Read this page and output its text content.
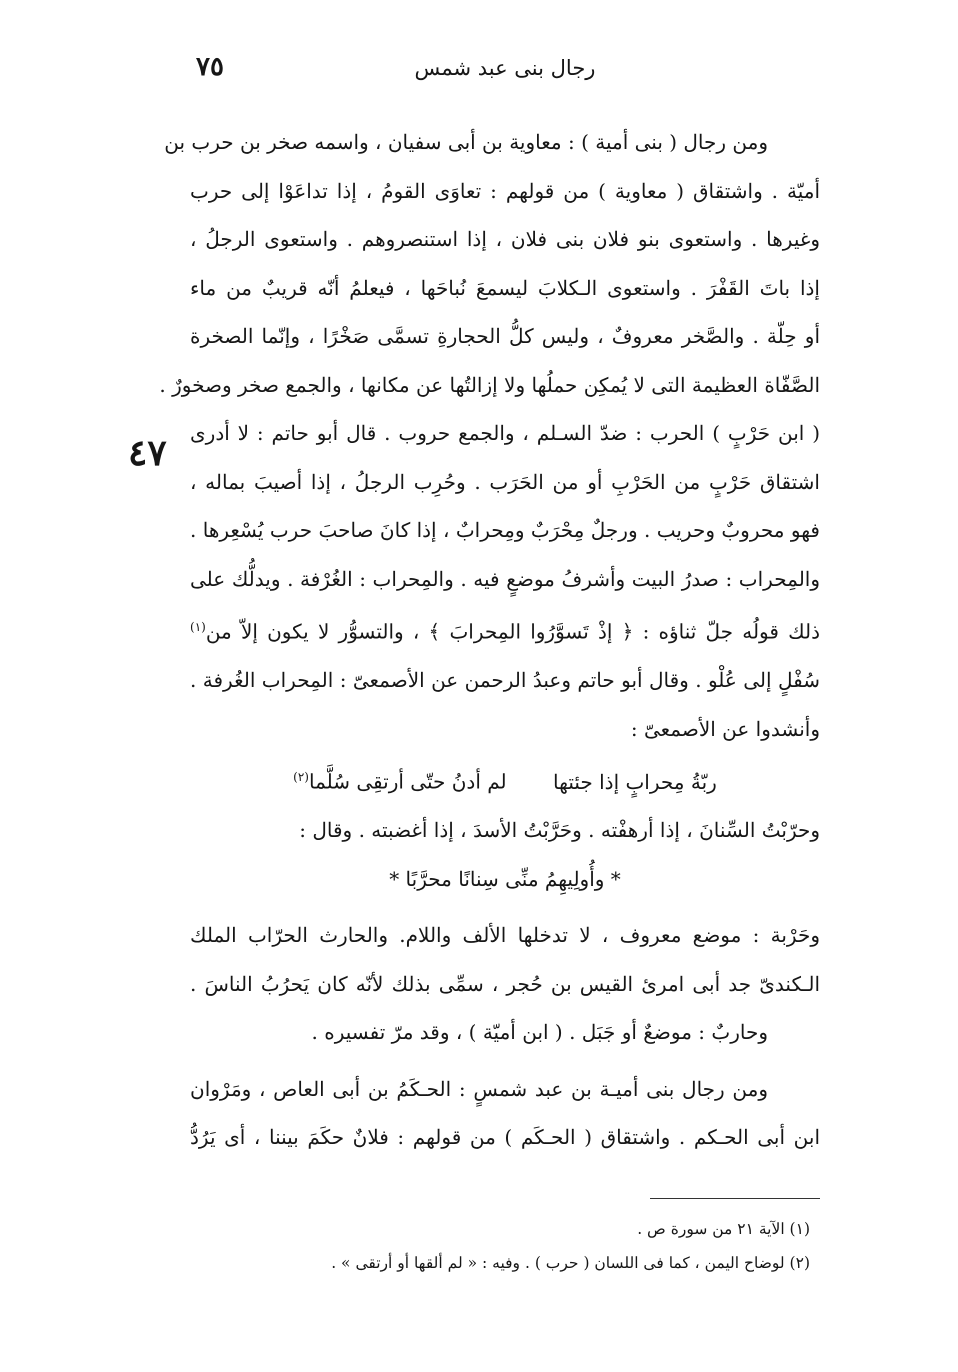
رجال بنى عبد شمس
٧٥
٤٧
ومن رجال ( بنى أمية ) : معاوية بن أبى سفيان ، واسمه صخر بن حرب بن
أميّة . واشتقاق ( معاوية ) من قولهم : تعاوَى القومُ ، إذا تداعَوْا إلى حرب
وغيرها . واستعوى بنو فلان بنى فلان ، إذا استنصروهم . واستعوى الرجلُ ،
إذا باتَ القَفْرَ . واستعوى الـكلابَ ليسمعَ نُباحَها ، فيعلمُ أنّه قريبٌ من ماء
أو حِلّة . والصَّخر معروفٌ ، وليس كلُّ الحجارةِ تسمَّى صَخْرًا ، وإنّما الصخرة
الصَّفّاة العظيمة التى لا يُمكِن حملُها ولا إزالتُها عن مكانها ، والجمع صخر وصخورٌ .
( ابن حَرْبٍ ) الحرب : ضدّ السـلم ، والجمع حروب . قال أبو حاتم : لا أدرى
اشتقاق حَرْبٍ من الحَرْبِ أو من الحَرَب . وحُرِب الرجلُ ، إذا أصيبَ بماله ،
فهو محروبٌ وحريب . ورجلٌ مِحْرَبٌ ومِحرابٌ ، إذا كانَ صاحبَ حرب يُسْعِرها .
والمِحراب : صدرُ البيت وأشرفُ موضعٍ فيه . والمِحراب : الغُرْفة . ويدلُّك على
ذلك قولُه جلّ ثناؤه : ﴿ إذْ تَسوَّرُوا المِحرابَ ﴾ ، والتسوُّر لا يكون إلاّ من$^{(١)}$
سُفْلٍ إلى عُلْو . وقال أبو حاتم وعبدُ الرحمن عن الأصمعىّ : المِحراب الغُرفة .
وأنشدوا عن الأصمعىّ :
ربّةُ مِحرابٍ إذا جئتها لم أدنُ حتّى أرتقِى سُلَّما$^{(٢)}$
وحرّبْتُ السِّنانَ ، إذا أرهفْته . وحَرَّبْتُ الأسدَ ، إذا أغضبته . وقال :
* وأُولِيهِمُ منِّى سِنانًا محرَّبًا *
وحَرْبة : موضع معروف ، لا تدخلها الألف واللام. والحارث الحرّاب الملك
الـكندىّ جد أبى امرئ القيس بن حُجر ، سمِّى بذلك لأنّه كان يَحرُبُ الناسَ .
وحاربٌ : موضعٌ أو جَبَل . ( ابن أميّة ) ، وقد مرّ تفسيره .
ومن رجال بنى أميـة بن عبد شمسٍ : الحـكَمُ بن أبى العاص ، ومَرْوان
ابن أبى الحـكم . واشتقاق ( الحـكَم ) من قولهم : فلانٌ حكَمَ بيننا ، أى يَرُدُّ
(١) الآية ٢١ من سورة ص .
(٢) لوضاح اليمن ، كما فى اللسان ( حرب ) . وفيه : « لم ألقها أو أرتقى » .
